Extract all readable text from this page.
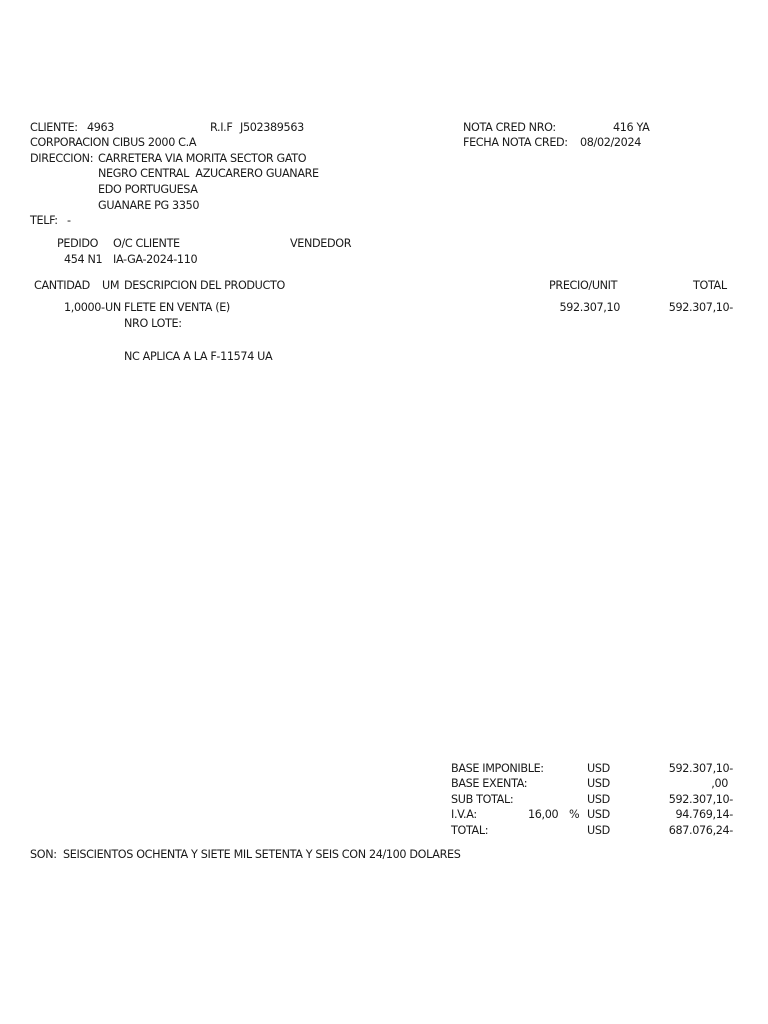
CLIENTE: 4963	R.I.F J502389563
CORPORACION CIBUS 2000 C.A
DIRECCION: CARRETERA VIA MORITA SECTOR GATO
NEGRO CENTRAL  AZUCARERO GUANARE
EDO PORTUGUESA
GUANARE PG 3350
TELF: -
NOTA CRED NRO:	416 YA
FECHA NOTA CRED: 08/02/2024
PEDIDO O/C CLIENTE	VENDEDOR
454 N1 IA-GA-2024-110
CANTIDAD UM DESCRIPCION DEL PRODUCTO	PRECIO/UNIT	TOTAL
1,0000- UN FLETE EN VENTA (E)	592.307,10	592.307,10-
NRO LOTE:
NC APLICA A LA F-11574 UA
BASE IMPONIBLE:	USD	592.307,10-
BASE EXENTA:	USD	,00
SUB TOTAL:	USD	592.307,10-
I.V.A:	16,00 % USD	94.769,14-
TOTAL:	USD	687.076,24-
SON: SEISCIENTOS OCHENTA Y SIETE MIL SETENTA Y SEIS CON 24/100 DOLARES
